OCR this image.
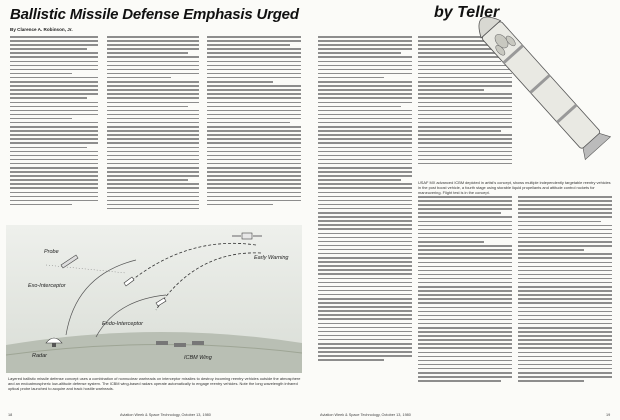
Ballistic Missile Defense Emphasis Urged
By Clarence A. Robinson, Jr.
Probe
Exo-Interceptor
Endo-Interceptor
Radar	ICBM Wing
Early Warning
Layered ballistic missile defense concept uses a combination of nonnuclear warheads on interceptor missiles to destroy incoming reentry vehicles outside the atmosphere and an endoatmospheric low-altitude defense system. The ICBM wing-based radars operate automatically to engage reentry vehicles. Note the long wavelength infrared optical probe launched to acquire and track hostile warheads.
18	Aviation Week & Space Technology, October 13, 1980
by Teller
USAF MX advanced ICBM depicted in artist's concept, shows multiple independently targetable reentry vehicles in the post boost vehicle, a fourth stage using storable liquid propellants and attitude control rockets for maneuvering. Flight test is in the concept.
Aviation Week & Space Technology, October 13, 1980	19
